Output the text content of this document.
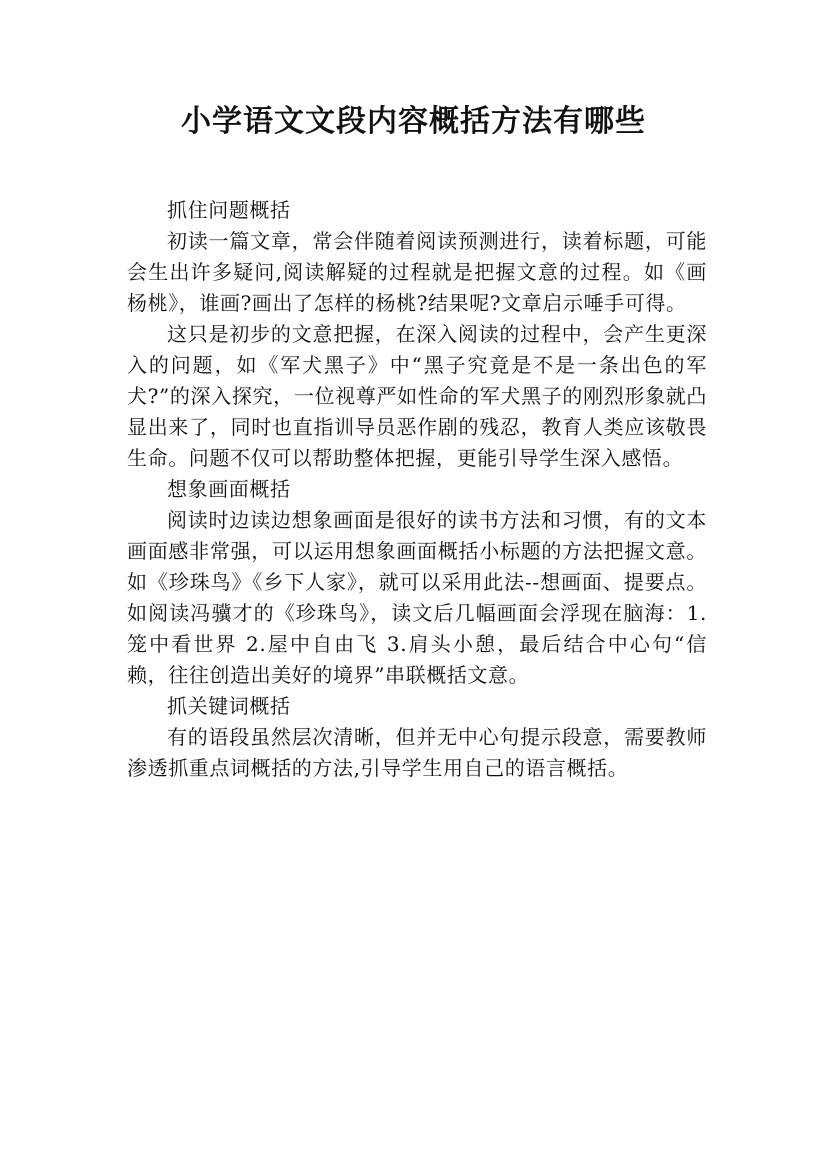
小学语文文段内容概括方法有哪些

抓住问题概括

初读一篇文章，常会伴随着阅读预测进行，读着标题，可能会生出许多疑问,阅读解疑的过程就是把握文意的过程。如《画杨桃》，谁画?画出了怎样的杨桃?结果呢?文章启示唾手可得。

这只是初步的文意把握，在深入阅读的过程中，会产生更深入的问题，如《军犬黑子》中“黑子究竟是不是一条出色的军犬?”的深入探究，一位视尊严如性命的军犬黑子的刚烈形象就凸显出来了，同时也直指训导员恶作剧的残忍，教育人类应该敬畏生命。问题不仅可以帮助整体把握，更能引导学生深入感悟。

想象画面概括

阅读时边读边想象画面是很好的读书方法和习惯，有的文本画面感非常强，可以运用想象画面概括小标题的方法把握文意。如《珍珠鸟》《乡下人家》，就可以采用此法--想画面、提要点。如阅读冯骥才的《珍珠鸟》，读文后几幅画面会浮现在脑海：1.笼中看世界 2.屋中自由飞 3.肩头小憩，最后结合中心句“信赖，往往创造出美好的境界”串联概括文意。

抓关键词概括

有的语段虽然层次清晰，但并无中心句提示段意，需要教师渗透抓重点词概括的方法,引导学生用自己的语言概括。
